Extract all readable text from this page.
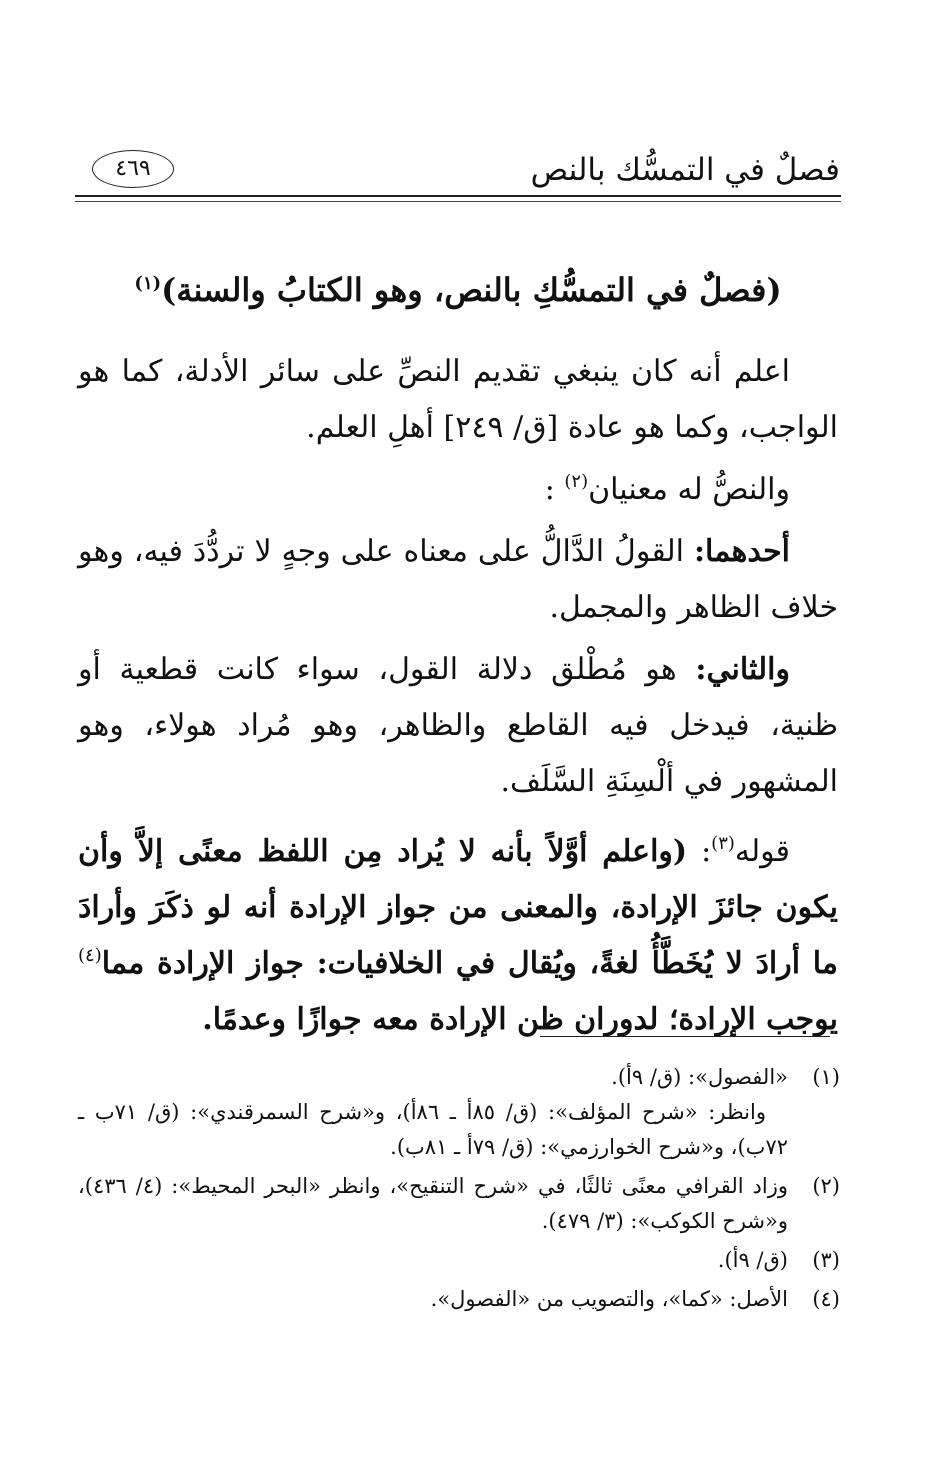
فصلٌ في التمسُّك بالنص
٤٦٩
(فصلٌ في التمسُّكِ بالنص، وهو الكتابُ والسنة)$^{(١)}$

اعلم أنه كان ينبغي تقديم النصِّ على سائر الأدلة، كما هو الواجب، وكما هو عادة [ق/ ٢٤٩] أهلِ العلم.

والنصُّ له معنيان$^{(٢)}$ :

أحدهما: القولُ الدَّالُّ على معناه على وجهٍ لا تردُّدَ فيه، وهو خلاف الظاهر والمجمل.

والثاني: هو مُطْلق دلالة القول، سواء كانت قطعية أو ظنية، فيدخل فيه القاطع والظاهر، وهو مُراد هولاء، وهو المشهور في ألْسِنَةِ السَّلَف.

قوله$^{(٣)}$: (واعلم أوَّلاً بأنه لا يُراد مِن اللفظ معنًى إلاَّ وأن يكون جائزَ الإرادة، والمعنى من جواز الإرادة أنه لو ذكَرَ وأرادَ ما أرادَ لا يُخَطَّأُ لغةً، ويُقال في الخلافيات: جواز الإرادة مما$^{(٤)}$ يوجب الإرادة؛ لدوران ظن الإرادة معه جوازًا وعدمًا.

(١)
«الفصول»: (ق/ ٩أ).
وانظر: «شرح المؤلف»: (ق/ ٨٥أ ـ ٨٦أ)، و«شرح السمرقندي»: (ق/ ٧١ب ـ ٧٢ب)، و«شرح الخوارزمي»: (ق/ ٧٩أ ـ ٨١ب).
(٢)
وزاد القرافي معنًى ثالثًا، في «شرح التنقيح»، وانظر «البحر المحيط»: (٤/ ٤٣٦)، و«شرح الكوكب»: (٣/ ٤٧٩).
(٣)
(ق/ ٩أ).
(٤)
الأصل: «كما»، والتصويب من «الفصول».
